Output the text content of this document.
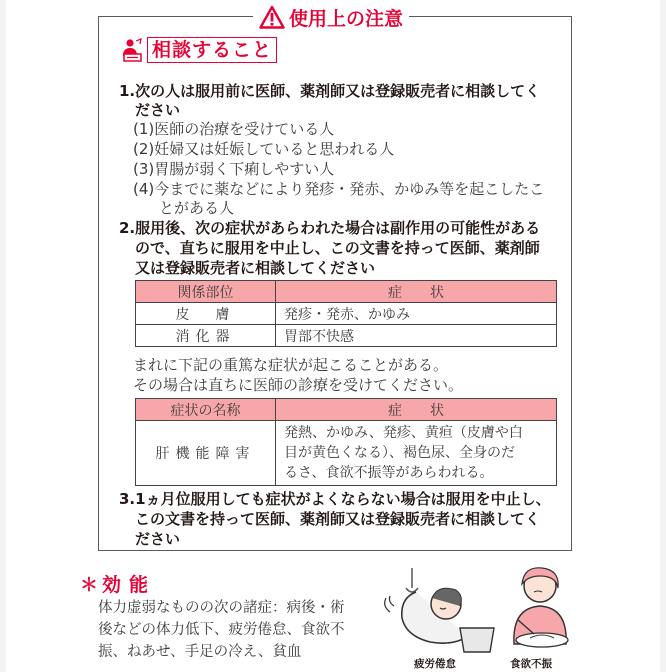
使用上の注意
相談すること
1.次の人は服用前に医師、薬剤師又は登録販売者に相談してく
ださい
(1)医師の治療を受けている人
(2)妊婦又は妊娠していると思われる人
(3)胃腸が弱く下痢しやすい人
(4)今までに薬などにより発疹・発赤、かゆみ等を起こしたこ
とがある人
2.服用後、次の症状があらわれた場合は副作用の可能性がある
ので、直ちに服用を中止し、この文書を持って医師、薬剤師
又は登録販売者に相談してください
関係部位	症　　状
皮　膚	発疹・発赤、かゆみ
消化器	胃部不快感
まれに下記の重篤な症状が起こることがある。
その場合は直ちに医師の診療を受けてください。
症状の名称	症　　状
肝機能障害	発熱、かゆみ、発疹、黄疸（皮膚や白
目が黄色くなる）、褐色尿、全身のだ
るさ、食欲不振等があらわれる。
3.1ヵ月位服用しても症状がよくならない場合は服用を中止し、
この文書を持って医師、薬剤師又は登録販売者に相談してく
ださい
＊ 効能
体力虚弱なものの次の諸症：病後・術
後などの体力低下、疲労倦怠、食欲不
振、ねあせ、手足の冷え、貧血
疲労倦怠	食欲不振
